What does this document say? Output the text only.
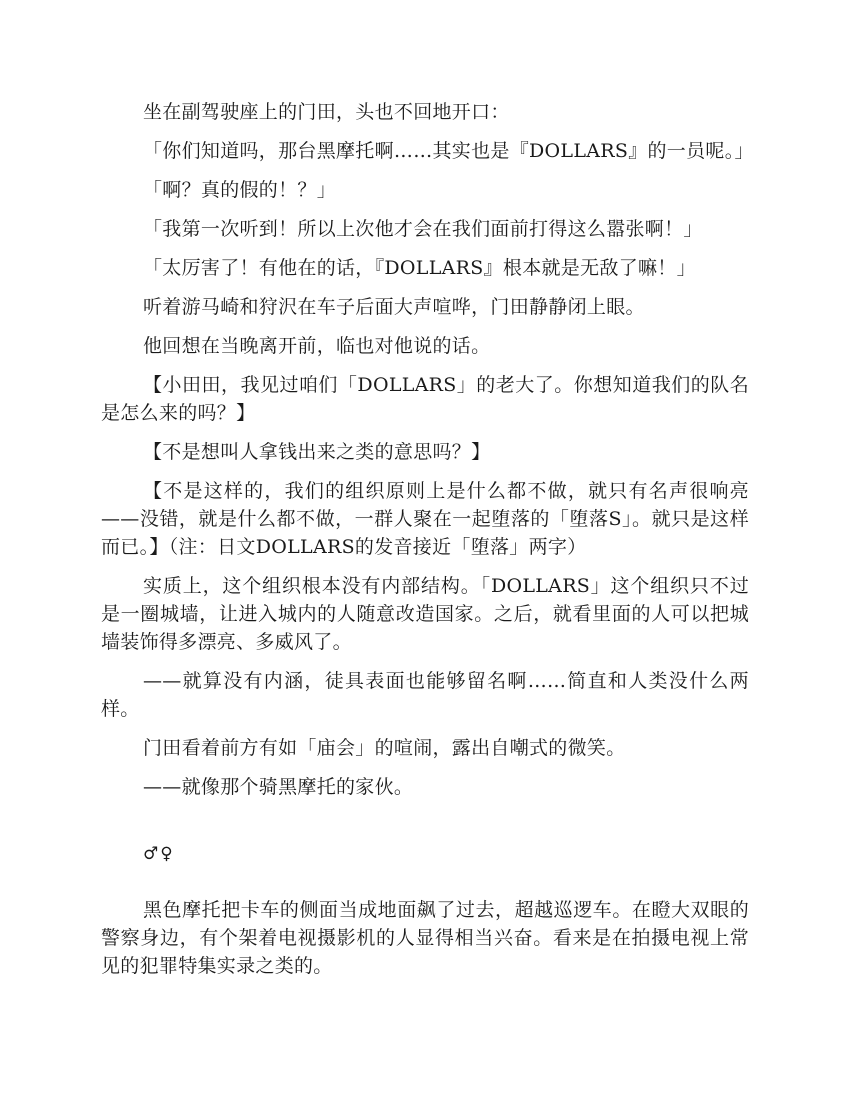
坐在副驾驶座上的门田，头也不回地开口：

「你们知道吗，那台黑摩托啊……其实也是『DOLLARS』的一员呢。」

「啊？真的假的！？」

「我第一次听到！所以上次他才会在我们面前打得这么嚣张啊！」

「太厉害了！有他在的话，『DOLLARS』根本就是无敌了嘛！」

听着游马崎和狩沢在车子后面大声喧哗，门田静静闭上眼。

他回想在当晚离开前，临也对他说的话。

【小田田，我见过咱们「DOLLARS」的老大了。你想知道我们的队名是怎么来的吗？】

【不是想叫人拿钱出来之类的意思吗？】

【不是这样的，我们的组织原则上是什么都不做，就只有名声很响亮——没错，就是什么都不做，一群人聚在一起堕落的「堕落S」。就只是这样而已。】（注：日文DOLLARS的发音接近「堕落」两字）

实质上，这个组织根本没有内部结构。「DOLLARS」这个组织只不过是一圈城墙，让进入城内的人随意改造国家。之后，就看里面的人可以把城墙装饰得多漂亮、多威风了。

——就算没有内涵，徒具表面也能够留名啊……简直和人类没什么两样。

门田看着前方有如「庙会」的喧闹，露出自嘲式的微笑。

——就像那个骑黑摩托的家伙。

♂♀

黑色摩托把卡车的侧面当成地面飙了过去，超越巡逻车。在瞪大双眼的警察身边，有个架着电视摄影机的人显得相当兴奋。看来是在拍摄电视上常见的犯罪特集实录之类的。
